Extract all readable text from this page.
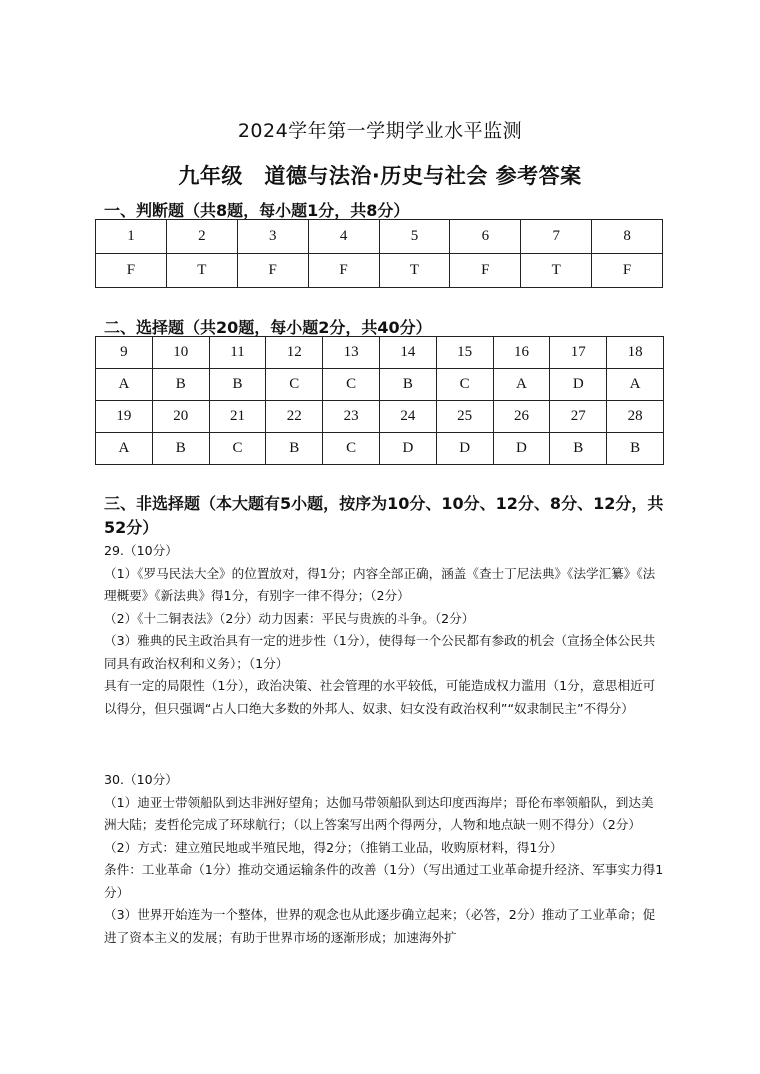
2024学年第一学期学业水平监测
九年级　道德与法治·历史与社会 参考答案
一、判断题（共8题，每小题1分，共8分）
1	2	3	4	5	6	7	8
F	T	F	F	T	F	T	F
二、选择题（共20题，每小题2分，共40分）
9	10	11	12	13	14	15	16	17	18
A	B	B	C	C	B	C	A	D	A
19	20	21	22	23	24	25	26	27	28
A	B	C	B	C	D	D	D	B	B
三、非选择题（本大题有5小题，按序为10分、10分、12分、8分、12分，共52分）
29.（10分）
（1）《罗马民法大全》的位置放对，得1分；内容全部正确，涵盖《查士丁尼法典》《法学汇纂》《法理概要》《新法典》得1分，有别字一律不得分；（2分）
（2）《十二铜表法》（2分）动力因素：平民与贵族的斗争。（2分）
（3）雅典的民主政治具有一定的进步性（1分），使得每一个公民都有参政的机会（宣扬全体公民共同具有政治权利和义务）；（1分）
具有一定的局限性（1分），政治决策、社会管理的水平较低，可能造成权力滥用（1分，意思相近可以得分，但只强调“占人口绝大多数的外邦人、奴隶、妇女没有政治权利”“奴隶制民主”不得分）
30.（10分）
（1）迪亚士带领船队到达非洲好望角；达伽马带领船队到达印度西海岸；哥伦布率领船队，到达美洲大陆；麦哲伦完成了环球航行；（以上答案写出两个得两分，人物和地点缺一则不得分）（2分）
（2）方式：建立殖民地或半殖民地，得2分；（推销工业品，收购原材料，得1分）
条件：工业革命（1分）推动交通运输条件的改善（1分）（写出通过工业革命提升经济、军事实力得1分）
（3）世界开始连为一个整体，世界的观念也从此逐步确立起来；（必答，2分）推动了工业革命；促进了资本主义的发展；有助于世界市场的逐渐形成；加速海外扩
